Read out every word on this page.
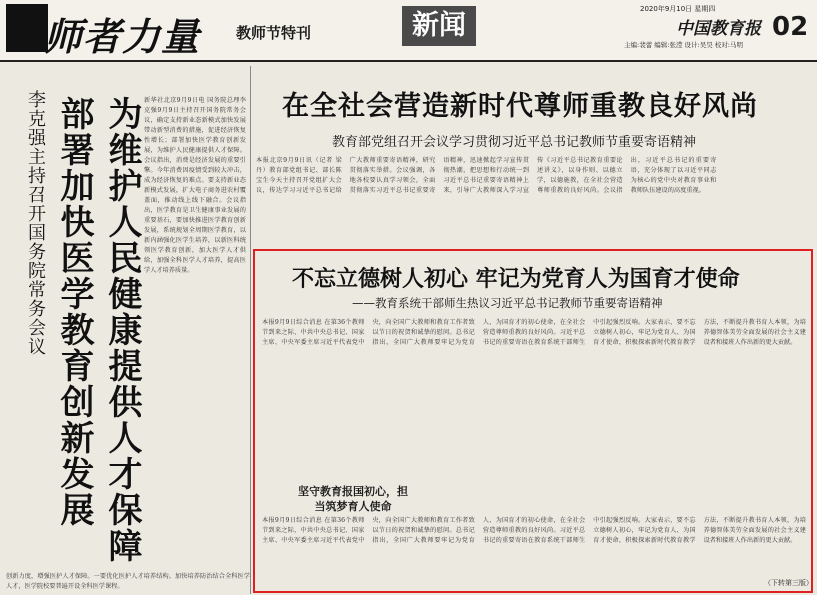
师者力量 教师节特刊	新闻
2020年9月10日 星期四
中国教育报 02
主编:裴蕾 编辑:张滢 设计:吴昊 校对:马明
李克强主持召开国务院常务会议 为维护人民健康提供人才保障
部署加快医学教育创新发展	新华社北京9月9日电 国务院总理李克强9月9日主持召开国务院常务会议，确定支持新业态新模式加快发展带动新型消费的措施，促进经济恢复性增长；部署加快医学教育创新发展，为维护人民健康提供人才保障。会议指出，消费是经济发展的重要引擎。今年消费因疫情受到较大冲击，成为经济恢复的难点。要支持新业态新模式发展，扩大电子商务进农村覆盖面，推动线上线下融合。会议指出，医学教育是卫生健康事业发展的重要基石，要加快推进医学教育创新发展，系统规划全周期医学教育，以新内涵强化医学生培养，以新医科统领医学教育创新，加大医学人才供给，加强全科医学人才培养，提高医学人才培养质量。
创新力度，增强医护人才保障。一要优化医护人才培养结构。加快培养防治结合全科医学人才，医学院校要普遍开设全科医学课程。
在全社会营造新时代尊师重教良好风尚
教育部党组召开会议学习贯彻习近平总书记教师节重要寄语精神
本报北京9月9日讯（记者 梁丹）教育部党组书记、部长陈宝生今天主持召开党组扩大会议，传达学习习近平总书记给广大教师重要寄语精神，研究贯彻落实举措。会议强调，各地各校要认真学习领会，全面贯彻落实习近平总书记重要寄语精神，迅速掀起学习宣传贯彻热潮，把思想和行动统一到习近平总书记重要寄语精神上来，引导广大教师深入学习宣传《习近平总书记教育重要论述讲义》，以身作则、以德立学，以德施教，在全社会营造尊师重教的良好风尚。会议指出，习近平总书记的重要寄语，充分体现了以习近平同志为核心的党中央对教育事业和教师队伍建设的高度重视。
不忘立德树人初心 牢记为党育人为国育才使命
——教育系统干部师生热议习近平总书记教师节重要寄语精神
本报9月9日综合消息 在第36个教师节到来之际，中共中央总书记、国家主席、中央军委主席习近平代表党中央，向全国广大教师和教育工作者致以节日的祝贺和诚挚的慰问。总书记指出，全国广大教师要牢记为党育人、为国育才的初心使命，在全社会营造尊师重教的良好风尚。习近平总书记的重要寄语在教育系统干部师生中引起强烈反响。大家表示，要不忘立德树人初心，牢记为党育人、为国育才使命，积极探索新时代教育教学方法，不断提升教书育人本领，为培养德智体美劳全面发展的社会主义建设者和接班人作出新的更大贡献。
坚守教育报国初心，担当筑梦育人使命
本报9月9日综合消息 在第36个教师节到来之际，中共中央总书记、国家主席、中央军委主席习近平代表党中央，向全国广大教师和教育工作者致以节日的祝贺和诚挚的慰问。总书记指出，全国广大教师要牢记为党育人、为国育才的初心使命，在全社会营造尊师重教的良好风尚。习近平总书记的重要寄语在教育系统干部师生中引起强烈反响。大家表示，要不忘立德树人初心，牢记为党育人、为国育才使命，积极探索新时代教育教学方法，不断提升教书育人本领，为培养德智体美劳全面发展的社会主义建设者和接班人作出新的更大贡献。
（下转第三版）
